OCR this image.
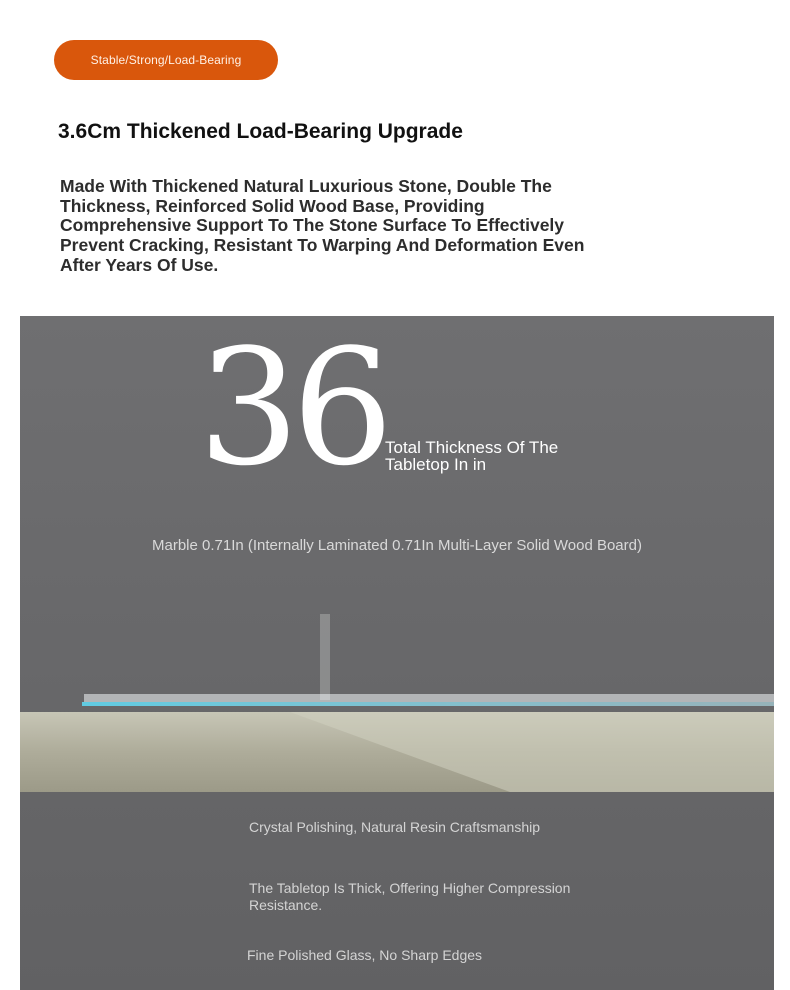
Stable/Strong/Load-Bearing
3.6Cm Thickened Load-Bearing Upgrade
Made With Thickened Natural Luxurious Stone, Double The Thickness, Reinforced Solid Wood Base, Providing Comprehensive Support To The Stone Surface To Effectively Prevent Cracking, Resistant To Warping And Deformation Even After Years Of Use.
36 Total Thickness Of The Tabletop In in
Marble 0.71In (Internally Laminated 0.71In Multi-Layer Solid Wood Board)
Crystal Polishing, Natural Resin Craftsmanship
The Tabletop Is Thick, Offering Higher Compression Resistance.
Fine Polished Glass, No Sharp Edges
